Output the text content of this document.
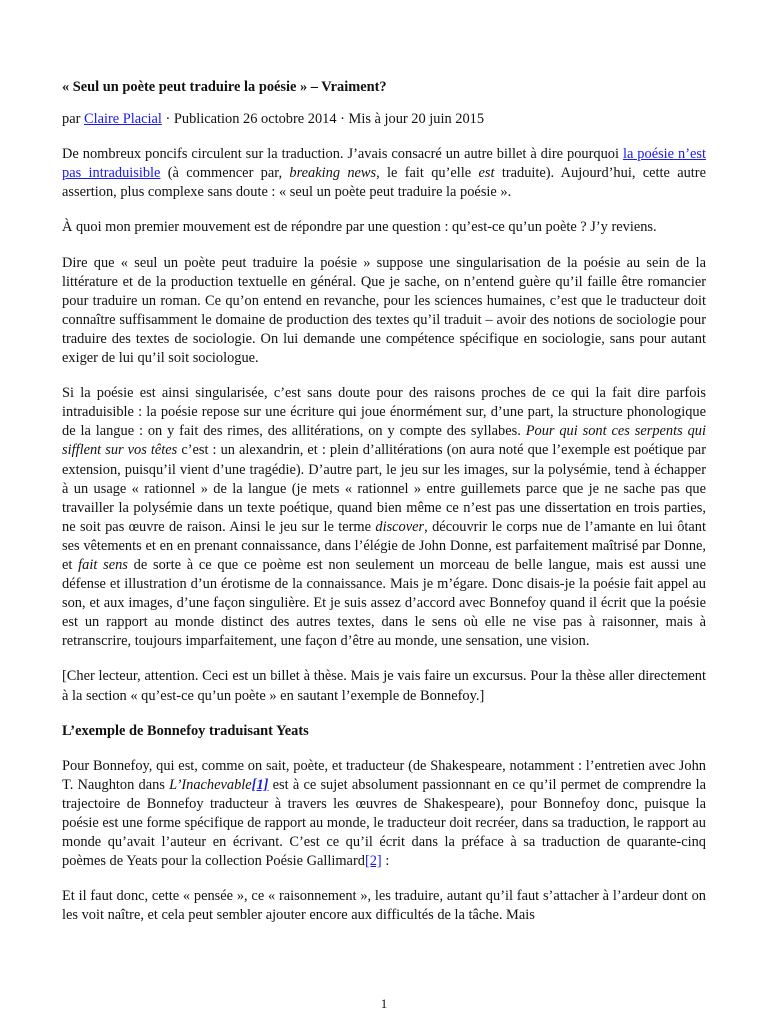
« Seul un poète peut traduire la poésie » – Vraiment?

par Claire Placial · Publication 26 octobre 2014 · Mis à jour 20 juin 2015

De nombreux poncifs circulent sur la traduction. J’avais consacré un autre billet à dire pourquoi la poésie n’est pas intraduisible (à commencer par, breaking news, le fait qu’elle est traduite). Aujourd’hui, cette autre assertion, plus complexe sans doute : « seul un poète peut traduire la poésie ».

À quoi mon premier mouvement est de répondre par une question : qu’est-ce qu’un poète ? J’y reviens.

Dire que « seul un poète peut traduire la poésie » suppose une singularisation de la poésie au sein de la littérature et de la production textuelle en général. Que je sache, on n’entend guère qu’il faille être romancier pour traduire un roman. Ce qu’on entend en revanche, pour les sciences humaines, c’est que le traducteur doit connaître suffisamment le domaine de production des textes qu’il traduit – avoir des notions de sociologie pour traduire des textes de sociologie. On lui demande une compétence spécifique en sociologie, sans pour autant exiger de lui qu’il soit sociologue.

Si la poésie est ainsi singularisée, c’est sans doute pour des raisons proches de ce qui la fait dire parfois intraduisible : la poésie repose sur une écriture qui joue énormément sur, d’une part, la structure phonologique de la langue : on y fait des rimes, des allitérations, on y compte des syllabes. Pour qui sont ces serpents qui sifflent sur vos têtes c’est : un alexandrin, et : plein d’allitérations (on aura noté que l’exemple est poétique par extension, puisqu’il vient d’une tragédie). D’autre part, le jeu sur les images, sur la polysémie, tend à échapper à un usage « rationnel » de la langue (je mets « rationnel » entre guillemets parce que je ne sache pas que travailler la polysémie dans un texte poétique, quand bien même ce n’est pas une dissertation en trois parties, ne soit pas œuvre de raison. Ainsi le jeu sur le terme discover, découvrir le corps nue de l’amante en lui ôtant ses vêtements et en en prenant connaissance, dans l’élégie de John Donne, est parfaitement maîtrisé par Donne, et fait sens de sorte à ce que ce poème est non seulement un morceau de belle langue, mais est aussi une défense et illustration d’un érotisme de la connaissance. Mais je m’égare. Donc disais-je la poésie fait appel au son, et aux images, d’une façon singulière. Et je suis assez d’accord avec Bonnefoy quand il écrit que la poésie est un rapport au monde distinct des autres textes, dans le sens où elle ne vise pas à raisonner, mais à retranscrire, toujours imparfaitement, une façon d’être au monde, une sensation, une vision.

[Cher lecteur, attention. Ceci est un billet à thèse. Mais je vais faire un excursus. Pour la thèse aller directement à la section « qu’est-ce qu’un poète » en sautant l’exemple de Bonnefoy.]

L’exemple de Bonnefoy traduisant Yeats

Pour Bonnefoy, qui est, comme on sait, poète, et traducteur (de Shakespeare, notamment : l’entretien avec John T. Naughton dans L’Inachevable[1] est à ce sujet absolument passionnant en ce qu’il permet de comprendre la trajectoire de Bonnefoy traducteur à travers les œuvres de Shakespeare), pour Bonnefoy donc, puisque la poésie est une forme spécifique de rapport au monde, le traducteur doit recréer, dans sa traduction, le rapport au monde qu’avait l’auteur en écrivant. C’est ce qu’il écrit dans la préface à sa traduction de quarante-cinq poèmes de Yeats pour la collection Poésie Gallimard[2] :

Et il faut donc, cette « pensée », ce « raisonnement », les traduire, autant qu’il faut s’attacher à l’ardeur dont on les voit naître, et cela peut sembler ajouter encore aux difficultés de la tâche. Mais

1
